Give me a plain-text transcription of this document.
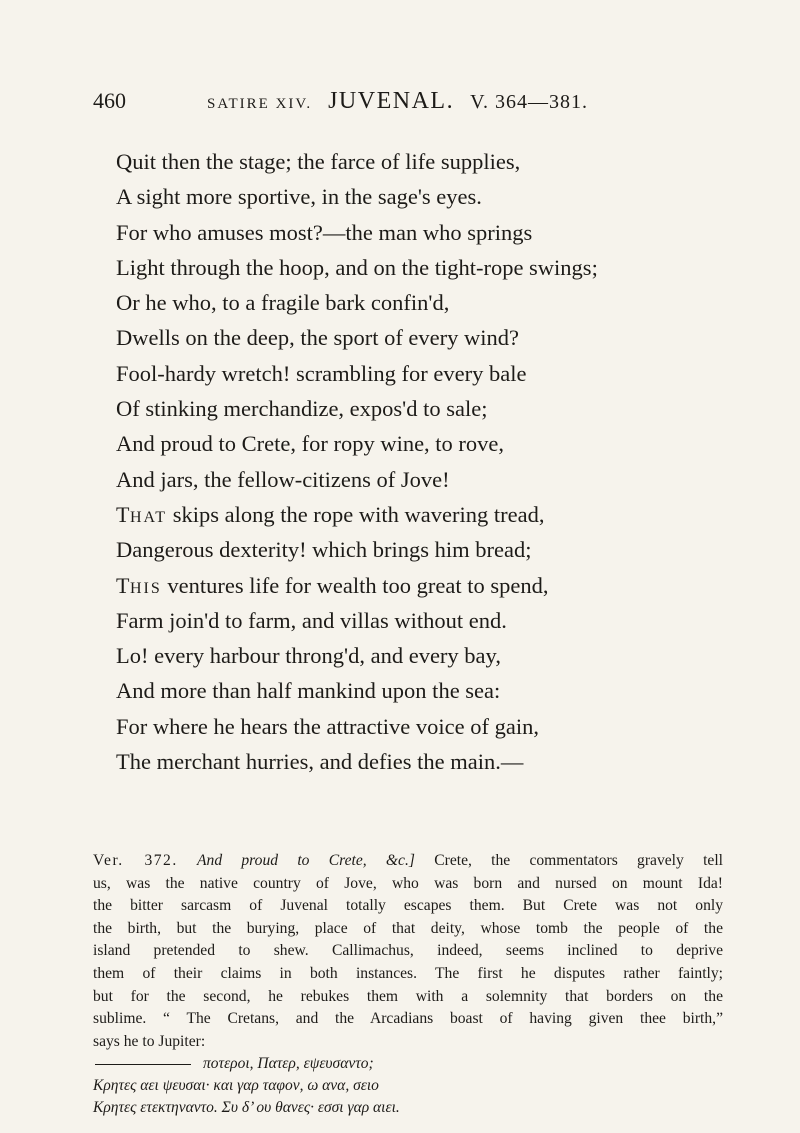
460	SATIRE XIV. JUVENAL. V. 364—381.
Quit then the stage; the farce of life supplies,
A sight more sportive, in the sage's eyes.
For who amuses most?—the man who springs
Light through the hoop, and on the tight-rope swings;
Or he who, to a fragile bark confin'd,
Dwells on the deep, the sport of every wind?
Fool-hardy wretch! scrambling for every bale
Of stinking merchandize, expos'd to sale;
And proud to Crete, for ropy wine, to rove,
And jars, the fellow-citizens of Jove!
That skips along the rope with wavering tread,
Dangerous dexterity! which brings him bread;
This ventures life for wealth too great to spend,
Farm join'd to farm, and villas without end.
Lo! every harbour throng'd, and every bay,
And more than half mankind upon the sea:
For where he hears the attractive voice of gain,
The merchant hurries, and defies the main.—
Ver. 372. And proud to Crete, &c.] Crete, the commentators gravely tell
us, was the native country of Jove, who was born and nursed on mount Ida!
the bitter sarcasm of Juvenal totally escapes them. But Crete was not only
the birth, but the burying, place of that deity, whose tomb the people of the
island pretended to shew. Callimachus, indeed, seems inclined to deprive
them of their claims in both instances. The first he disputes rather faintly;
but for the second, he rebukes them with a solemnity that borders on the
sublime. “ The Cretans, and the Arcadians boast of having given thee birth,”
says he to Jupiter:
ποτεροι, Πατερ, εψευσαντο;
Κρητες αει ψευσαι· και γαρ ταφον, ω ανα, σειο
Κρητες ετεκτηναντο. Συ δ’ ου θανες· εσσι γαρ αιει.
